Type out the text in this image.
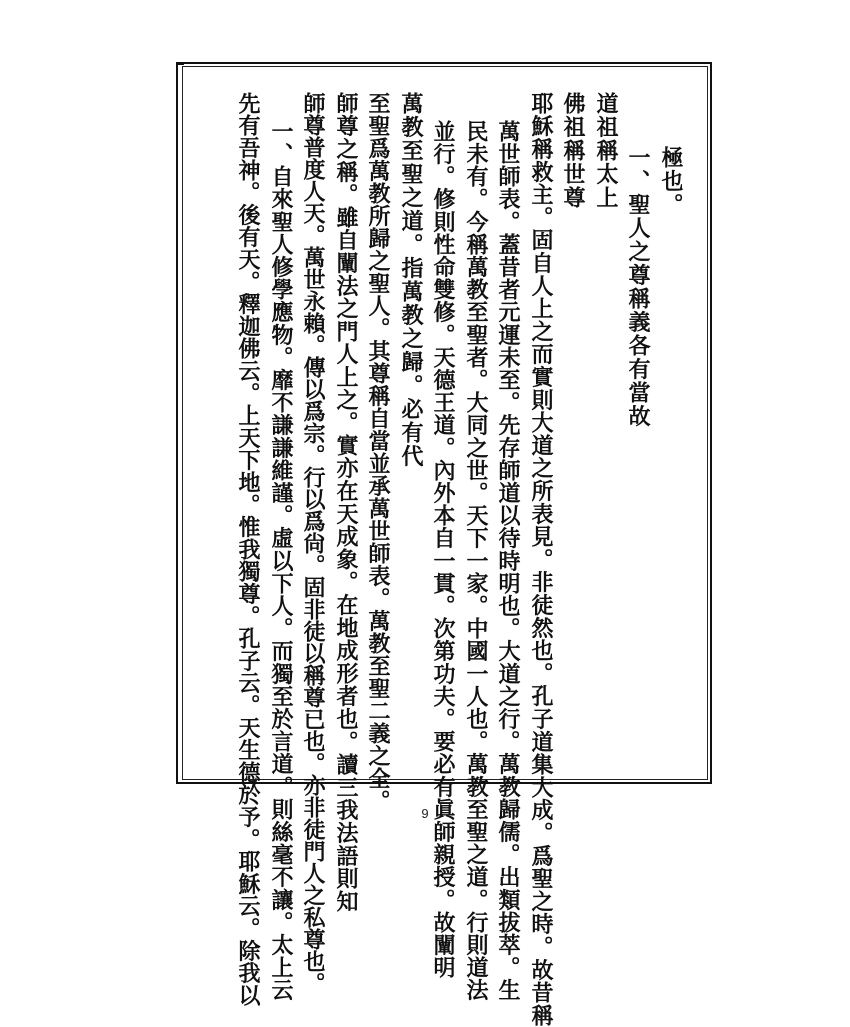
極也。
一、聖人之尊稱義各有當故
道祖稱太上
佛祖稱世尊
耶穌稱救主。固自人上之而實則大道之所表見。非徒然也。孔子道集大成。爲聖之時。故昔稱
萬世師表。蓋昔者元運未至。先存師道以待時明也。大道之行。萬教歸儒。出類拔萃。生
民未有。今稱萬教至聖者。大同之世。天下一家。中國一人也。萬教至聖之道。行則道法
並行。修則性命雙修。天德王道。內外本自一貫。次第功夫。要必有眞師親授。故闡明
萬教至聖之道。指萬教之歸。必有代
至聖爲萬教所歸之聖人。其尊稱自當並承萬世師表。萬教至聖二義之全。
師尊之稱。雖自闡法之門人上之。實亦在天成象。在地成形者也。讀三我法語則知
師尊普度人天。萬世永賴。傳以爲宗。行以爲尙。固非徒以稱尊已也。亦非徒門人之私尊也。
一、自來聖人修學應物。靡不謙謙維謹。虛以下人。而獨至於言道。則絲毫不讓。太上云
先有吾神。後有天。釋迦佛云。上天下地。惟我獨尊。孔子云。天生德於予。耶穌云。除我以	9
